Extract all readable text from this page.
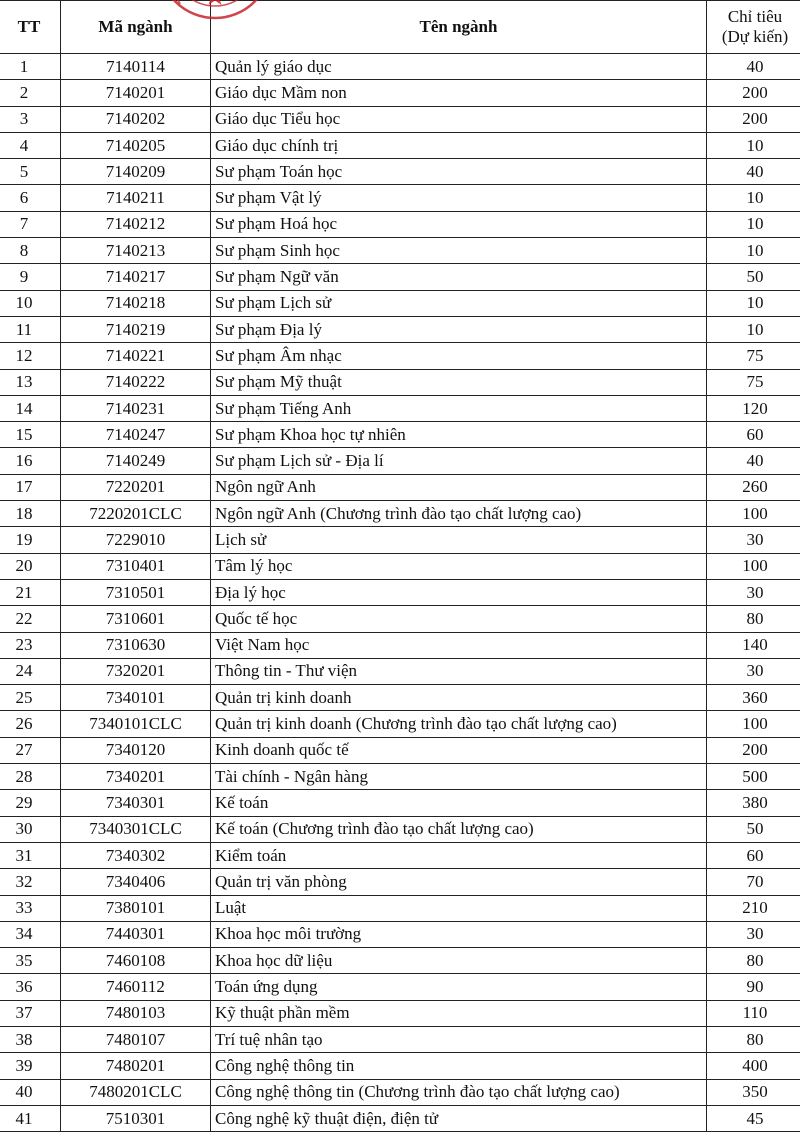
TT	Mã ngành	Tên ngành	Chỉ tiêu
(Dự kiến)
1	7140114	Quản lý giáo dục	40
2	7140201	Giáo dục Mầm non	200
3	7140202	Giáo dục Tiểu học	200
4	7140205	Giáo dục chính trị	10
5	7140209	Sư phạm Toán học	40
6	7140211	Sư phạm Vật lý	10
7	7140212	Sư phạm Hoá học	10
8	7140213	Sư phạm Sinh học	10
9	7140217	Sư phạm Ngữ văn	50
10	7140218	Sư phạm Lịch sử	10
11	7140219	Sư phạm Địa lý	10
12	7140221	Sư phạm Âm nhạc	75
13	7140222	Sư phạm Mỹ thuật	75
14	7140231	Sư phạm Tiếng Anh	120
15	7140247	Sư phạm Khoa học tự nhiên	60
16	7140249	Sư phạm Lịch sử - Địa lí	40
17	7220201	Ngôn ngữ Anh	260
18	7220201CLC	Ngôn ngữ Anh (Chương trình đào tạo chất lượng cao)	100
19	7229010	Lịch sử	30
20	7310401	Tâm lý học	100
21	7310501	Địa lý học	30
22	7310601	Quốc tế học	80
23	7310630	Việt Nam học	140
24	7320201	Thông tin - Thư viện	30
25	7340101	Quản trị kinh doanh	360
26	7340101CLC	Quản trị kinh doanh (Chương trình đào tạo chất lượng cao)	100
27	7340120	Kinh doanh quốc tế	200
28	7340201	Tài chính - Ngân hàng	500
29	7340301	Kế toán	380
30	7340301CLC	Kế toán (Chương trình đào tạo chất lượng cao)	50
31	7340302	Kiểm toán	60
32	7340406	Quản trị văn phòng	70
33	7380101	Luật	210
34	7440301	Khoa học môi trường	30
35	7460108	Khoa học dữ liệu	80
36	7460112	Toán ứng dụng	90
37	7480103	Kỹ thuật phần mềm	110
38	7480107	Trí tuệ nhân tạo	80
39	7480201	Công nghệ thông tin	400
40	7480201CLC	Công nghệ thông tin (Chương trình đào tạo chất lượng cao)	350
41	7510301	Công nghệ kỹ thuật điện, điện tử	45
